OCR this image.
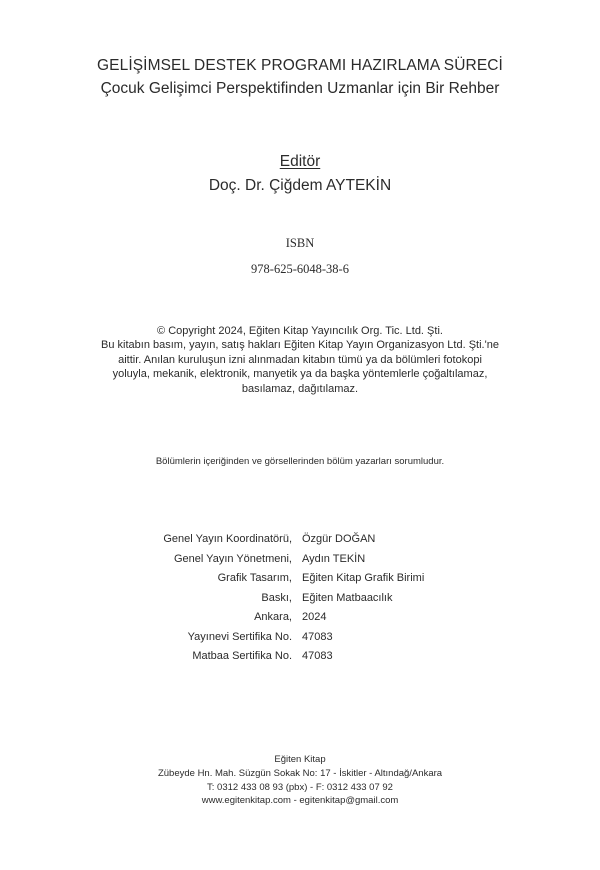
GELİŞİMSEL DESTEK PROGRAMI HAZIRLAMA SÜRECİ
Çocuk Gelişimci Perspektifinden Uzmanlar için Bir Rehber
Editör
Doç. Dr. Çiğdem AYTEKİN
ISBN
978-625-6048-38-6
© Copyright 2024, Eğiten Kitap Yayıncılık Org. Tic. Ltd. Şti.
Bu kitabın basım, yayın, satış hakları Eğiten Kitap Yayın Organizasyon Ltd. Şti.'ne
aittir. Anılan kuruluşun izni alınmadan kitabın tümü ya da bölümleri fotokopi
yoluyla, mekanik, elektronik, manyetik ya da başka yöntemlerle çoğaltılamaz,
basılamaz, dağıtılamaz.
Bölümlerin içeriğinden ve görsellerinden bölüm yazarları sorumludur.
Genel Yayın Koordinatörü, Özgür DOĞAN
Genel Yayın Yönetmeni, Aydın TEKİN
Grafik Tasarım, Eğiten Kitap Grafik Birimi
Baskı, Eğiten Matbaacılık
Ankara, 2024
Yayınevi Sertifika No. 47083
Matbaa Sertifika No. 47083
Eğiten Kitap
Zübeyde Hn. Mah. Süzgün Sokak No: 17 - İskitler - Altındağ/Ankara
T: 0312 433 08 93 (pbx) - F: 0312 433 07 92
www.egitenkitap.com - egitenkitap@gmail.com
